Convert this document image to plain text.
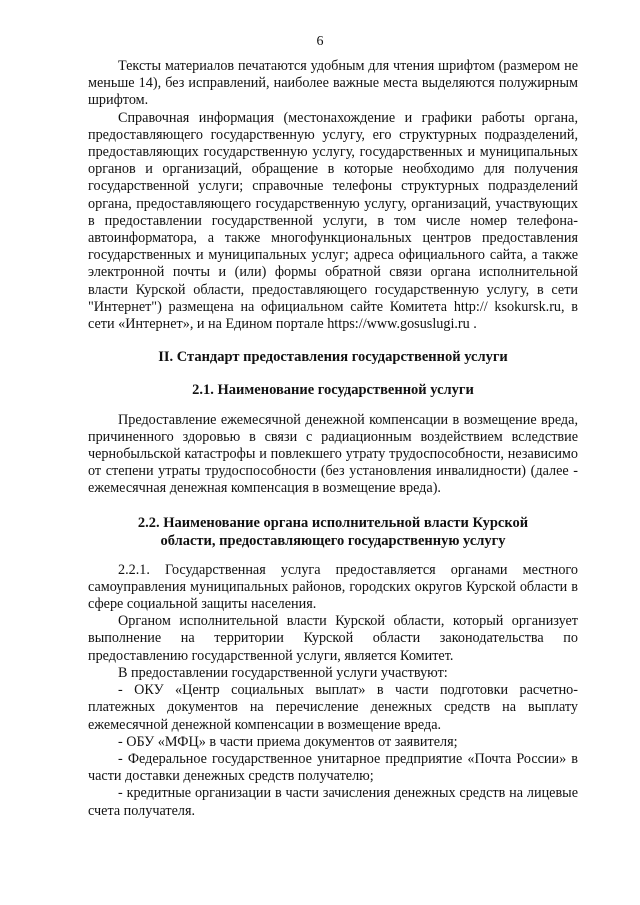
6

Тексты материалов печатаются удобным для чтения шрифтом (размером не меньше 14), без исправлений, наиболее важные места выделяются полужирным шрифтом.

Справочная информация (местонахождение и графики работы органа, предоставляющего государственную услугу, его структурных подразделений, предоставляющих государственную услугу, государственных и муниципальных органов и организаций, обращение в которые необходимо для получения государственной услуги; справочные телефоны структурных подразделений органа, предоставляющего государственную услугу, организаций, участвующих в предоставлении государственной услуги, в том числе номер телефона-автоинформатора, а также многофункциональных центров предоставления государственных и муниципальных услуг; адреса официального сайта, а также электронной почты и (или) формы обратной связи органа исполнительной власти Курской области, предоставляющего государственную услугу, в сети "Интернет") размещена на официальном сайте Комитета http:// ksokursk.ru, в сети «Интернет», и на Едином портале https://www.gosuslugi.ru .

II. Стандарт предоставления государственной услуги
2.1. Наименование государственной услуги

Предоставление ежемесячной денежной компенсации в возмещение вреда, причиненного здоровью в связи с радиационным воздействием вследствие чернобыльской катастрофы и повлекшего утрату трудоспособности, независимо от степени утраты трудоспособности (без установления инвалидности) (далее - ежемесячная денежная компенсация в возмещение вреда).

2.2. Наименование органа исполнительной власти Курской
области, предоставляющего государственную услугу

2.2.1. Государственная услуга предоставляется органами местного самоуправления муниципальных районов, городских округов Курской области в сфере социальной защиты населения.

Органом исполнительной власти Курской области, который организует выполнение на территории Курской области законодательства по предоставлению государственной услуги, является Комитет.

В предоставлении государственной услуги участвуют:

- ОКУ «Центр социальных выплат» в части подготовки расчетно-платежных документов на перечисление денежных средств на выплату ежемесячной денежной компенсации в возмещение вреда.

- ОБУ «МФЦ» в части приема документов от заявителя;

- Федеральное государственное унитарное предприятие «Почта России» в части доставки денежных средств получателю;

- кредитные организации в части зачисления денежных средств на лицевые счета получателя.
